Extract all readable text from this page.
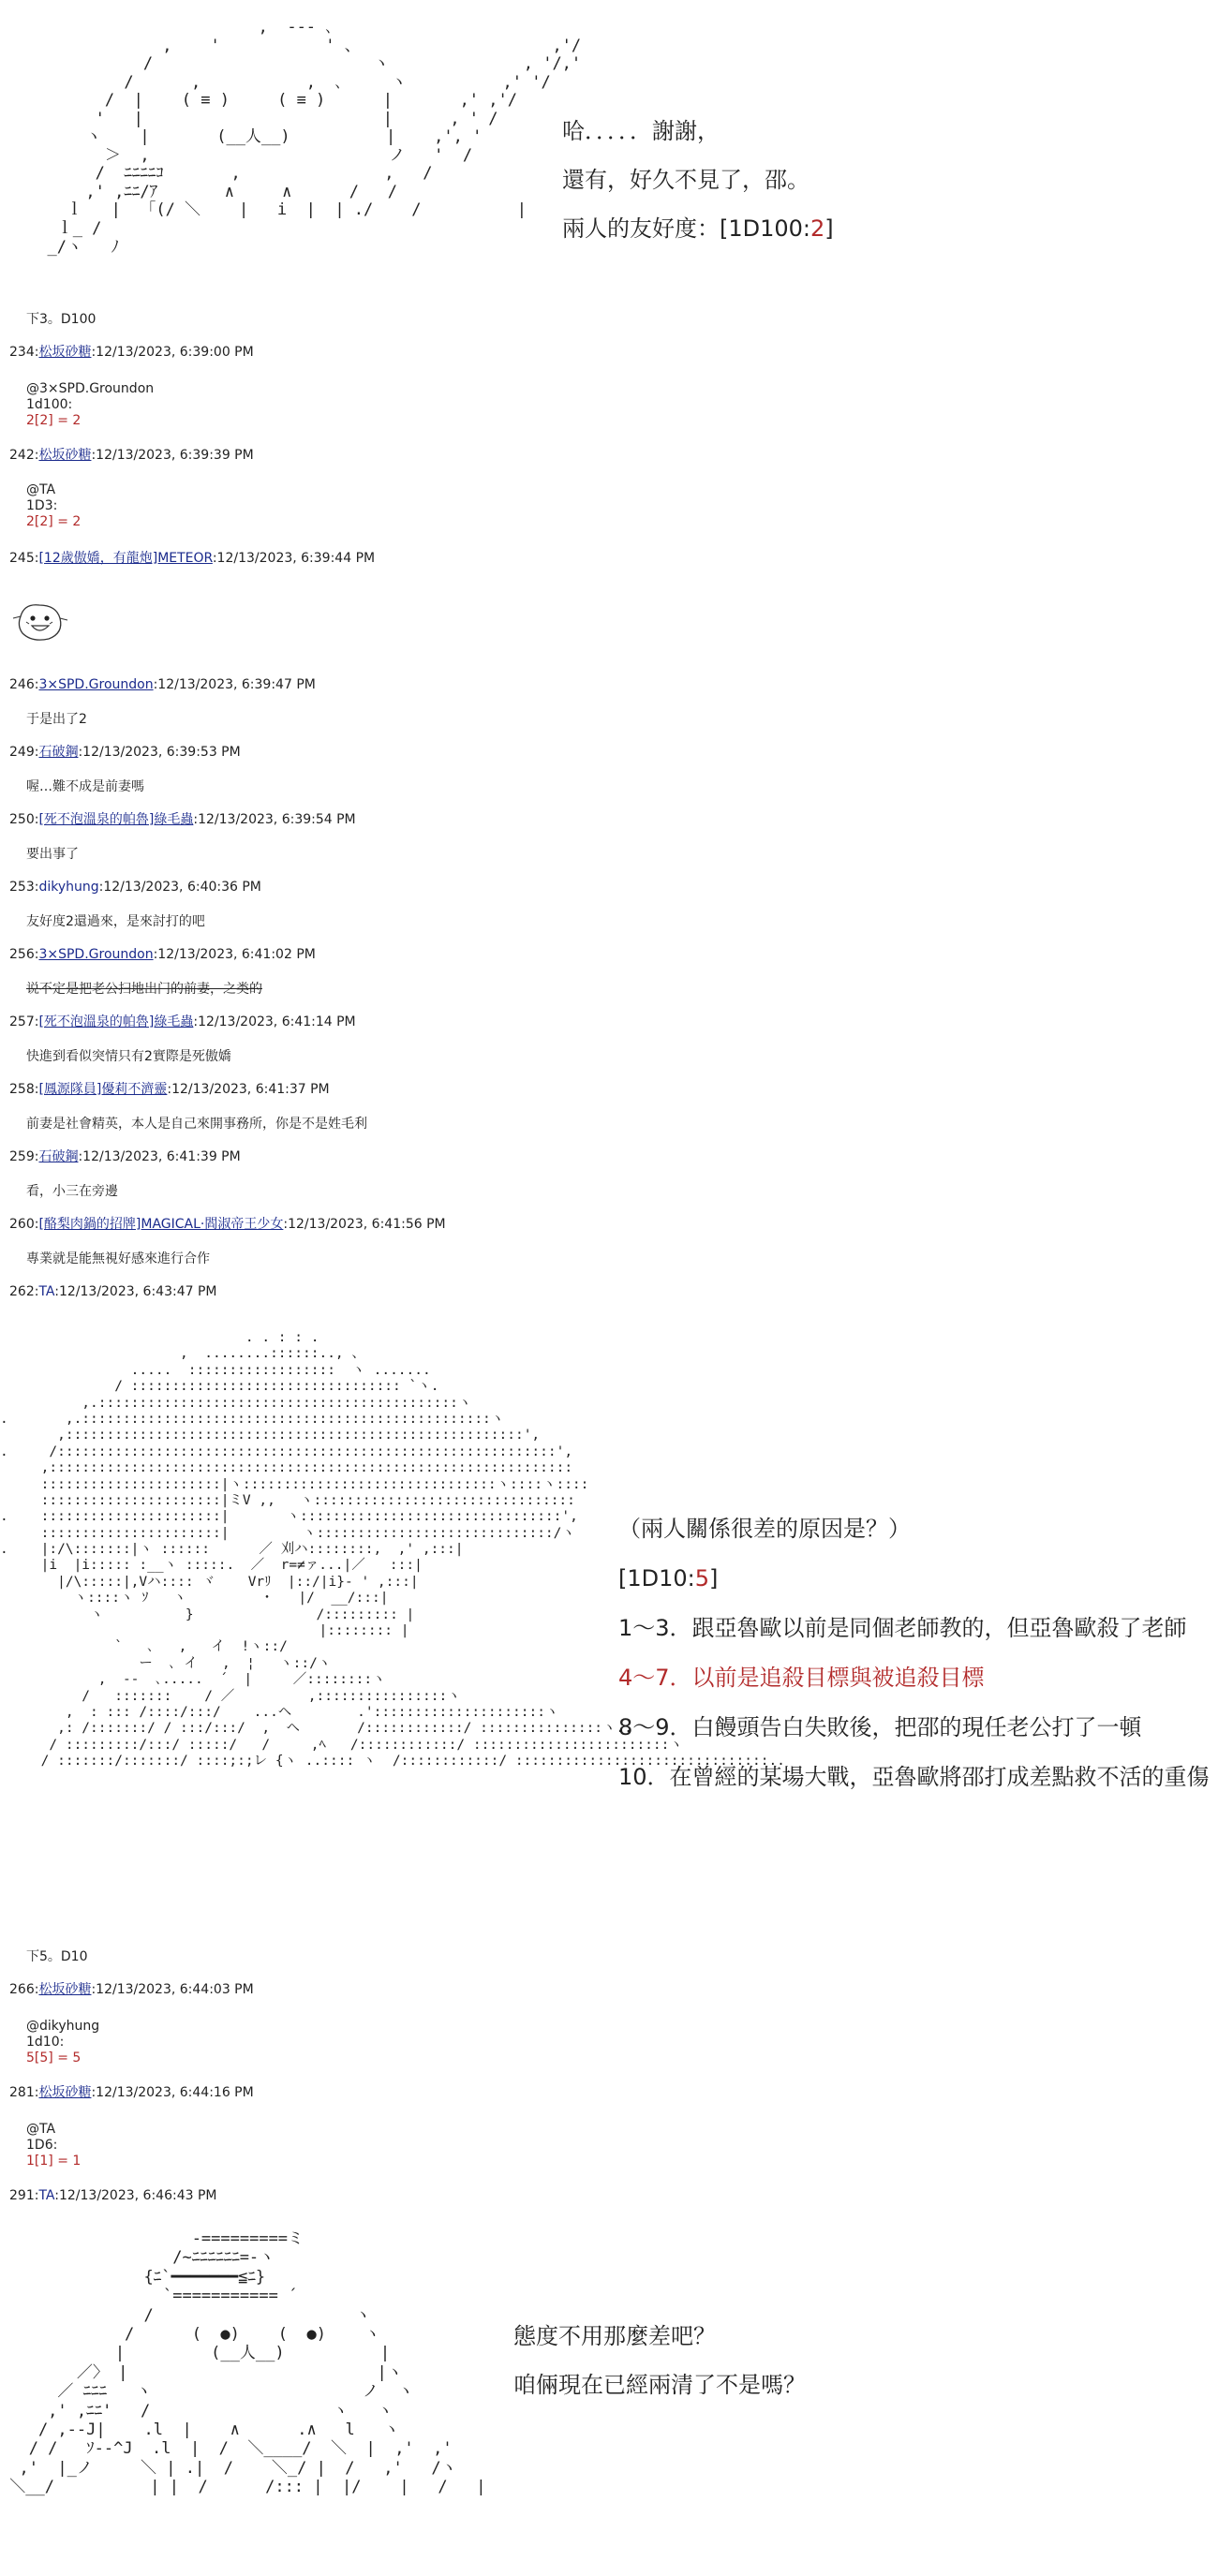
,  --- ､
,    '           ' 、                    ,'/
/                       ヽ              , '/,'
/      ,           ,  ､     ヽ          ,' '/
/  |    ( ≡ )     ( ≡ )      |       ,' ,'/
'   |                         |      , ' /
ヽ    |       (__人__)          |    ,', '
＞  ,                         ノ   '  /
/  ﾆﾆﾆﾆｺ       ,               ,   /
,' ,ﾆﾆ/ｱ       ∧     ∧      /   /
ｌ   |  「(/ ＼    |   i  |  | ./    /          |
ｌ_ /
_/ヽ   ﾉ

哈．．．．．謝謝，
還有，好久不見了，邵。
兩人的友好度：[1D100:2]
下3。D100
234:松坂砂糖:12/13/2023, 6:39:00 PM
@3×SPD.Groundon
1d100:
2[2] = 2
242:松坂砂糖:12/13/2023, 6:39:39 PM
@TA
1D3:
2[2] = 2
245:[12歲傲嬌，有龍炮]METEOR:12/13/2023, 6:39:44 PM
246:3×SPD.Groundon:12/13/2023, 6:39:47 PM
于是出了2
249:石破鋼:12/13/2023, 6:39:53 PM
喔…難不成是前妻嗎
250:[死不泡溫泉的帕魯]綠毛蟲:12/13/2023, 6:39:54 PM
要出事了
253:dikyhung:12/13/2023, 6:40:36 PM
友好度2還過來，是來討打的吧
256:3×SPD.Groundon:12/13/2023, 6:41:02 PM
说不定是把老公扫地出门的前妻，之类的
257:[死不泡溫泉的帕魯]綠毛蟲:12/13/2023, 6:41:14 PM
快進到看似突情只有2實際是死傲嬌
258:[鳳源隊員]優莉不濟靈:12/13/2023, 6:41:37 PM
前妻是社會精英，本人是自己來開事務所，你是不是姓毛利
259:石破鋼:12/13/2023, 6:41:39 PM
看，小三在旁邊
260:[酪梨肉鍋的招牌]MAGICAL·閻淑帝王少女:12/13/2023, 6:41:56 PM
專業就是能無視好感來進行合作
262:TA:12/13/2023, 6:43:47 PM
. . : : .
,  ........::::::.., 、
.....  ::::::::::::::::::  ヽ .......
/ ::::::::::::::::::::::::::::::::: `ヽ.
,.::::::::::::::::::::::::::::::::::::::::::::ヽ
.       ,.::::::::::::::::::::::::::::::::::::::::::::::::::ヽ
,::::::::::::::::::::::::::::::::::::::::::::::::::::::::',
.     /:::::::::::::::::::::::::::::::::::::::::::::::::::::::::::::',
,::::::::::::::::::::::::::::::::::::::::::::::::::::::::::::::::
::::::::::::::::::::::|ヽ:::::::::::::::::::::::::::::::ヽ::::ヽ::::
::::::::::::::::::::::|ミV ,,   ヽ::::::::::::::::::::::::::::::::
.    ::::::::::::::::::::::|       ヽ::::::::::::::::::::::::::::::::',
::::::::::::::::::::::|         ヽ:::::::::::::::::::::::::::::/ヽ
.    |:/\:::::::|ヽ ::::::      ／ 刈ハ::::::::,  ,' ,:::|
|i  |i::::: :__ヽ :::::.  ／  r=≠ァ...|／   :::|
|/\:::::|,Vハ:::: ヾ    Vrﾘ  |::/|i}- ' ,:::|
ヽ::::ヽ ｿ   ヽ         ・   |/  __/:::|
ヽ          }               /::::::::: |
|:::::::: |
`   ､   ,   イ  !ヽ::/
ー  ､ イ   ,  ¦   ヽ::/ヽ
,  --  ､.....  ´  |     ／::::::::ヽ
/   :::::::    / ／         ,::::::::::::::::ヽ
,  : ::: /::::/:::/    ...ヘ        .':::::::::::::::::::::ヽ
,: /:::::::/ / :::/:::/  ,  ヘ       /::::::::::::/ :::::::::::::::ヽ..
/ :::::::::/:::/ :::::/   /     ,ﾍ   /::::::::::::/ ::::::::::::::::::::::::ヽ
/ :::::::/:::::::/ ::::;:;レ {ヽ ..:::: ヽ  /::::::::::::/ :::::::::::::::::::::::::::::::..

（兩人關係很差的原因是？）
[1D10:5]
1～3．跟亞魯歐以前是同個老師教的，但亞魯歐殺了老師
4～7．以前是追殺目標與被追殺目標
8～9．白饅頭告白失敗後，把邵的現任老公打了一頓
10．在曾經的某場大戰，亞魯歐將邵打成差點救不活的重傷
下5。D10
266:松坂砂糖:12/13/2023, 6:44:03 PM
@dikyhung
1d10:
5[5] = 5
281:松坂砂糖:12/13/2023, 6:44:16 PM
@TA
1D6:
1[1] = 1
291:TA:12/13/2023, 6:46:43 PM
-=========ミ
/~ﾆﾆﾆﾆﾆﾆ=-ヽ
{ﾆ`━━━━━━━≦ﾆ}
`=========== ´
/                     ヽ
/      (  ●)    (  ●)    ヽ
|         (__人__)          |
／〉 |                          |ヽ
／ ﾆﾆﾆ   ヽ                      ノ  ヽ
,' ,ﾆﾆ'   /                   ヽ   ヽ
/ ,-‐J|    .l  |    ∧      .∧   l   ヽ
/ /   ｿ-‐^J  .l  |  /  ＼____/  ＼  |  ,'  ,'
,'  |_ノ     ＼ | .|  /    ＼_/ |  /   ,'   /ヽ
＼__/          | |  /      /::: |  |/    |   /   |

態度不用那麼差吧？
咱倆現在已經兩清了不是嗎？
